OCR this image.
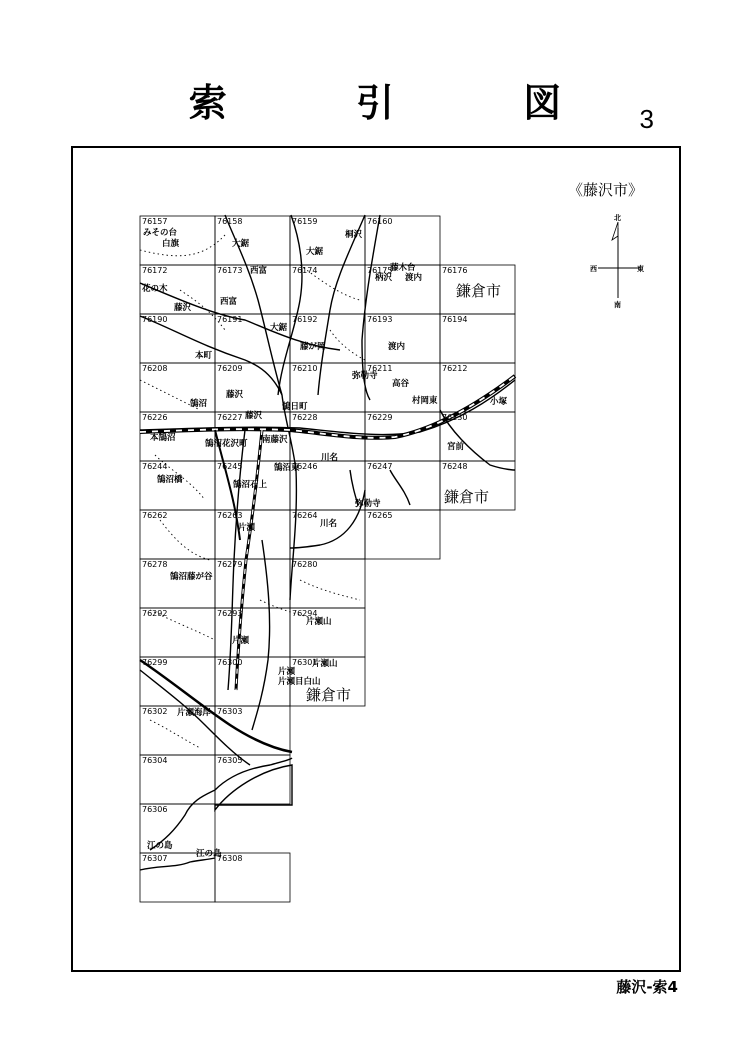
索 引 図 3
藤沢-索4
76157	76158	76159	76160
76172	76173	76174	76175	76176
76190	76191	76192	76193	76194
76208	76209	76210	76211	76212
76226	76227	76228	76229	76230
76244	76245	76246	76247	76248
76262	76263	76264	76265
76278	76279	76280
76292	76293	76294
76299	76300	76301
76302	76303
76304	76305
76306
76307	76308
みその台
白旗	大鋸
大鋸
桐沢
西富
柄沢
藤木台
渡内
花の木
藤沢
西富
大鋸
藤が岡	渡内
本町
藤沢
鵠沼
弥勒寺
高谷
村岡東	小塚
藤沢
鵠日町
本鵠沼
鵠沼花沢町 南藤沢
川名
宮前
鵠沼橋	鵠沼石上
鵠沼東
弥勒寺
片瀬	川名
鵠沼藤が谷
片瀬
片瀬山
片瀬
片瀬山
片瀬目白山
片瀬海岸
江の島
江の島
鎌倉市
鎌倉市
鎌倉市
《藤沢市》
北
南
西	東
